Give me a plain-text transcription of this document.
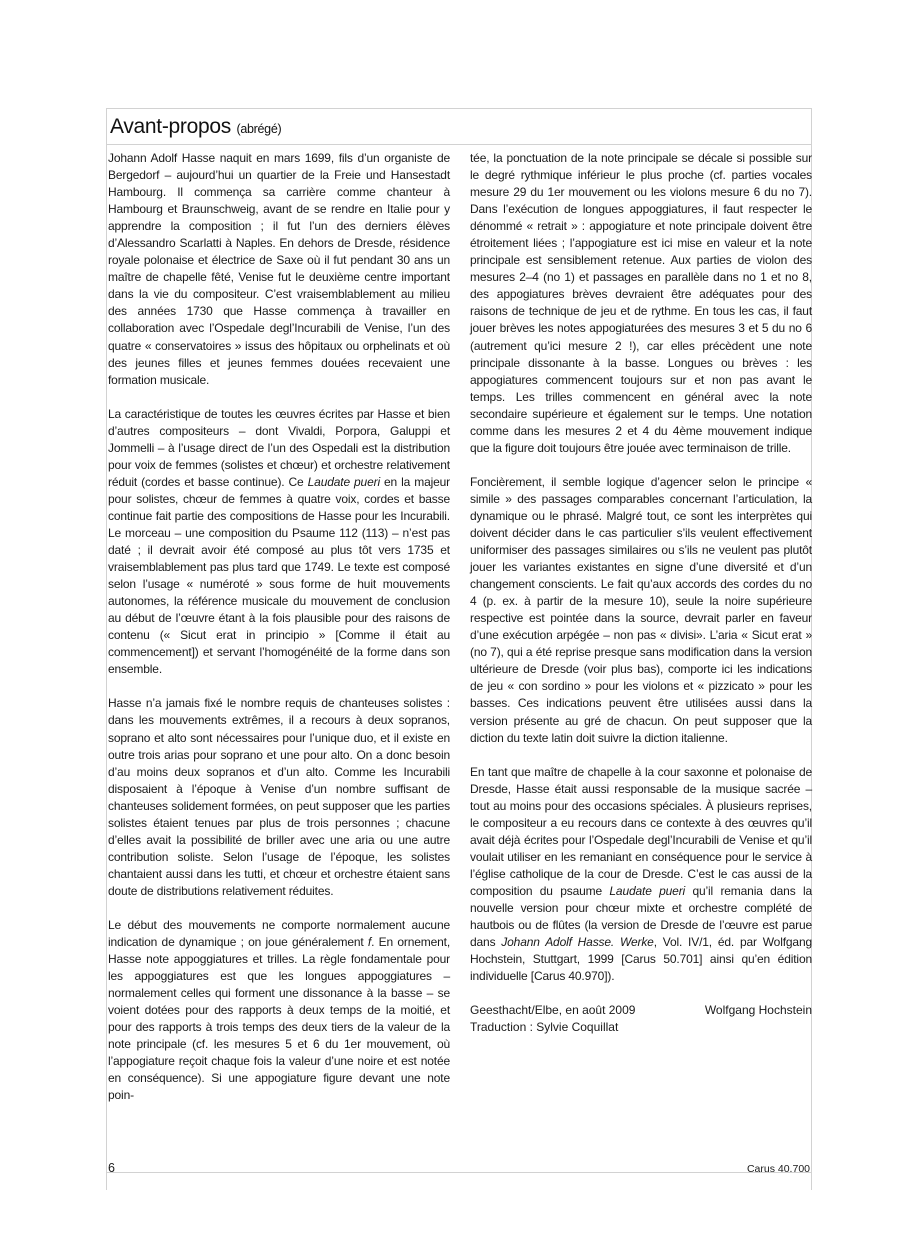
Avant-propos (abrégé)

Johann Adolf Hasse naquit en mars 1699, fils d’un organiste de Bergedorf – aujourd’hui un quartier de la Freie und Hansestadt Hambourg. Il commença sa carrière comme chanteur à Hambourg et Braunschweig, avant de se rendre en Italie pour y apprendre la composition ; il fut l’un des derniers élèves d’Alessandro Scarlatti à Naples. En dehors de Dresde, résidence royale polonaise et électrice de Saxe où il fut pendant 30 ans un maître de chapelle fêté, Venise fut le deuxième centre important dans la vie du compositeur. C’est vraisemblablement au milieu des années 1730 que Hasse commença à travailler en collaboration avec l’Ospedale degl’Incurabili de Venise, l’un des quatre « conservatoires » issus des hôpitaux ou orphelinats et où des jeunes filles et jeunes femmes douées recevaient une formation musicale.

La caractéristique de toutes les œuvres écrites par Hasse et bien d’autres compositeurs – dont Vivaldi, Porpora, Galuppi et Jommelli – à l’usage direct de l’un des Ospedali est la distribution pour voix de femmes (solistes et chœur) et orchestre relativement réduit (cordes et basse continue). Ce Laudate pueri en la majeur pour solistes, chœur de femmes à quatre voix, cordes et basse continue fait partie des compositions de Hasse pour les Incurabili. Le morceau – une composition du Psaume 112 (113) – n’est pas daté ; il devrait avoir été composé au plus tôt vers 1735 et vraisemblablement pas plus tard que 1749. Le texte est composé selon l’usage « numéroté » sous forme de huit mouvements autonomes, la référence musicale du mouvement de conclusion au début de l’œuvre étant à la fois plausible pour des raisons de contenu (« Sicut erat in principio » [Comme il était au commencement]) et servant l’homogénéité de la forme dans son ensemble.

Hasse n’a jamais fixé le nombre requis de chanteuses solistes : dans les mouvements extrêmes, il a recours à deux sopranos, soprano et alto sont nécessaires pour l’unique duo, et il existe en outre trois arias pour soprano et une pour alto. On a donc besoin d’au moins deux sopranos et d’un alto. Comme les Incurabili disposaient à l’époque à Venise d’un nombre suffisant de chanteuses solidement formées, on peut supposer que les parties solistes étaient tenues par plus de trois personnes ; chacune d’elles avait la possibilité de briller avec une aria ou une autre contribution soliste. Selon l’usage de l’époque, les solistes chantaient aussi dans les tutti, et chœur et orchestre étaient sans doute de distributions relativement réduites.

Le début des mouvements ne comporte normalement aucune indication de dynamique ; on joue généralement f. En ornement, Hasse note appoggiatures et trilles. La règle fondamentale pour les appoggiatures est que les longues appoggiatures – normalement celles qui forment une dissonance à la basse – se voient dotées pour des rapports à deux temps de la moitié, et pour des rapports à trois temps des deux tiers de la valeur de la note principale (cf. les mesures 5 et 6 du 1er mouvement, où l’appogiature reçoit chaque fois la valeur d’une noire et est notée en conséquence). Si une appogiature figure devant une note poin-

tée, la ponctuation de la note principale se décale si possible sur le degré rythmique inférieur le plus proche (cf. parties vocales mesure 29 du 1er mouvement ou les violons mesure 6 du no 7). Dans l’exécution de longues appoggiatures, il faut respecter le dénommé « retrait » : appogiature et note principale doivent être étroitement liées ; l’appogiature est ici mise en valeur et la note principale est sensiblement retenue. Aux parties de violon des mesures 2–4 (no 1) et passages en parallèle dans no 1 et no 8, des appogiatures brèves devraient être adéquates pour des raisons de technique de jeu et de rythme. En tous les cas, il faut jouer brèves les notes appogiaturées des mesures 3 et 5 du no 6 (autrement qu’ici mesure 2 !), car elles précèdent une note principale dissonante à la basse. Longues ou brèves : les appogiatures commencent toujours sur et non pas avant le temps. Les trilles commencent en général avec la note secondaire supérieure et également sur le temps. Une notation comme dans les mesures 2 et 4 du 4ème mouvement indique que la figure doit toujours être jouée avec terminaison de trille.

Foncièrement, il semble logique d’agencer selon le principe « simile » des passages comparables concernant l’articulation, la dynamique ou le phrasé. Malgré tout, ce sont les interprètes qui doivent décider dans le cas particulier s’ils veulent effectivement uniformiser des passages similaires ou s’ils ne veulent pas plutôt jouer les variantes existantes en signe d’une diversité et d’un changement conscients. Le fait qu’aux accords des cordes du no 4 (p. ex. à partir de la mesure 10), seule la noire supérieure respective est pointée dans la source, devrait parler en faveur d’une exécution arpégée – non pas « divisi». L’aria « Sicut erat » (no 7), qui a été reprise presque sans modification dans la version ultérieure de Dresde (voir plus bas), comporte ici les indications de jeu « con sordino » pour les violons et « pizzicato » pour les basses. Ces indications peuvent être utilisées aussi dans la version présente au gré de chacun. On peut supposer que la diction du texte latin doit suivre la diction italienne.

En tant que maître de chapelle à la cour saxonne et polonaise de Dresde, Hasse était aussi responsable de la musique sacrée – tout au moins pour des occasions spéciales. À plusieurs reprises, le compositeur a eu recours dans ce contexte à des œuvres qu’il avait déjà écrites pour l’Ospedale degl’Incurabili de Venise et qu’il voulait utiliser en les remaniant en conséquence pour le service à l’église catholique de la cour de Dresde. C’est le cas aussi de la composition du psaume Laudate pueri qu’il remania dans la nouvelle version pour chœur mixte et orchestre complété de hautbois ou de flûtes (la version de Dresde de l’œuvre est parue dans Johann Adolf Hasse. Werke, Vol. IV/1, éd. par Wolfgang Hochstein, Stuttgart, 1999 [Carus 50.701] ainsi qu’en édition individuelle [Carus 40.970]).

Geesthacht/Elbe, en août 2009	Wolfgang Hochstein
Traduction : Sylvie Coquillat
6	Carus 40.700
